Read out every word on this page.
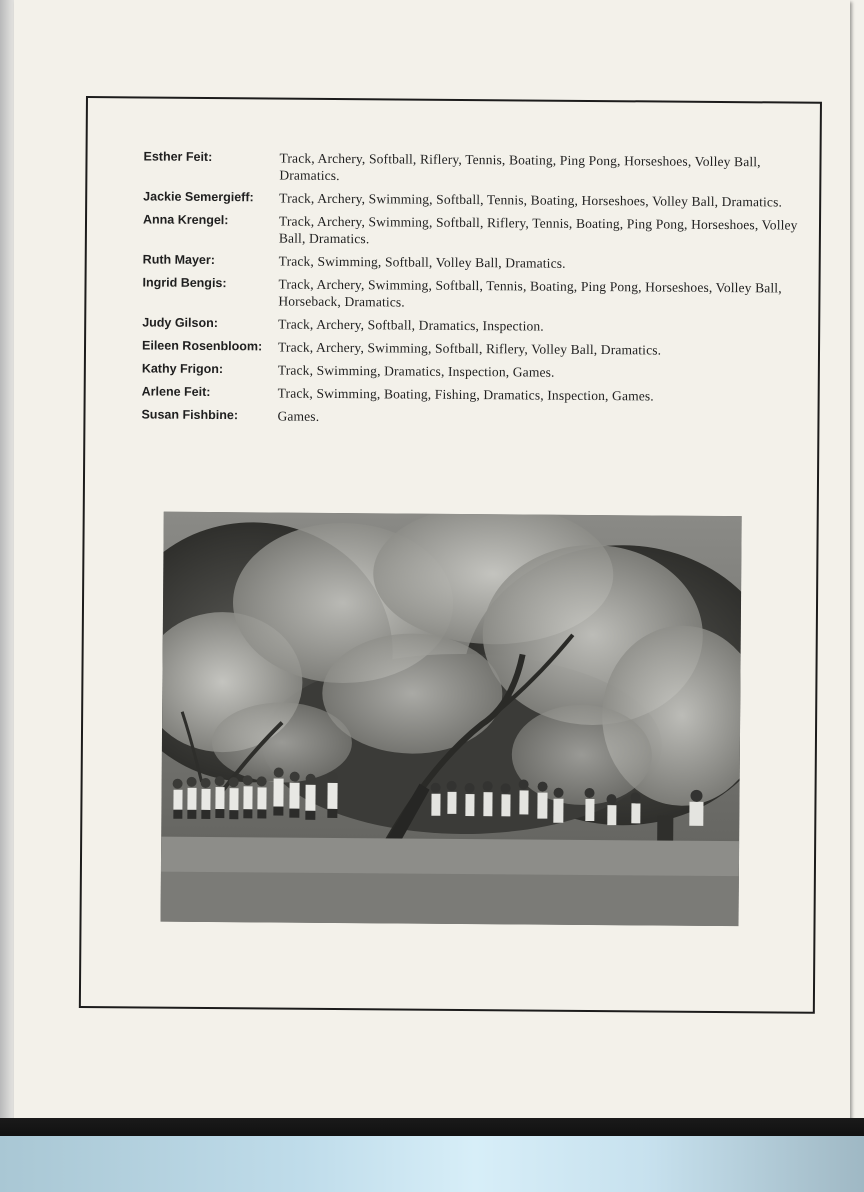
Esther Feit:	Track, Archery, Softball, Riflery, Tennis, Boating, Ping Pong, Horseshoes, Volley Ball, Dramatics.
Jackie Semergieff:	Track, Archery, Swimming, Softball, Tennis, Boating, Horseshoes, Volley Ball, Dramatics.
Anna Krengel:	Track, Archery, Swimming, Softball, Riflery, Tennis, Boating, Ping Pong, Horseshoes, Volley Ball, Dramatics.
Ruth Mayer:	Track, Swimming, Softball, Volley Ball, Dramatics.
Ingrid Bengis:	Track, Archery, Swimming, Softball, Tennis, Boating, Ping Pong, Horseshoes, Volley Ball, Horseback, Dramatics.
Judy Gilson:	Track, Archery, Softball, Dramatics, Inspection.
Eileen Rosenbloom:	Track, Archery, Swimming, Softball, Riflery, Volley Ball, Dramatics.
Kathy Frigon:	Track, Swimming, Dramatics, Inspection, Games.
Arlene Feit:	Track, Swimming, Boating, Fishing, Dramatics, Inspection, Games.
Susan Fishbine:	Games.
